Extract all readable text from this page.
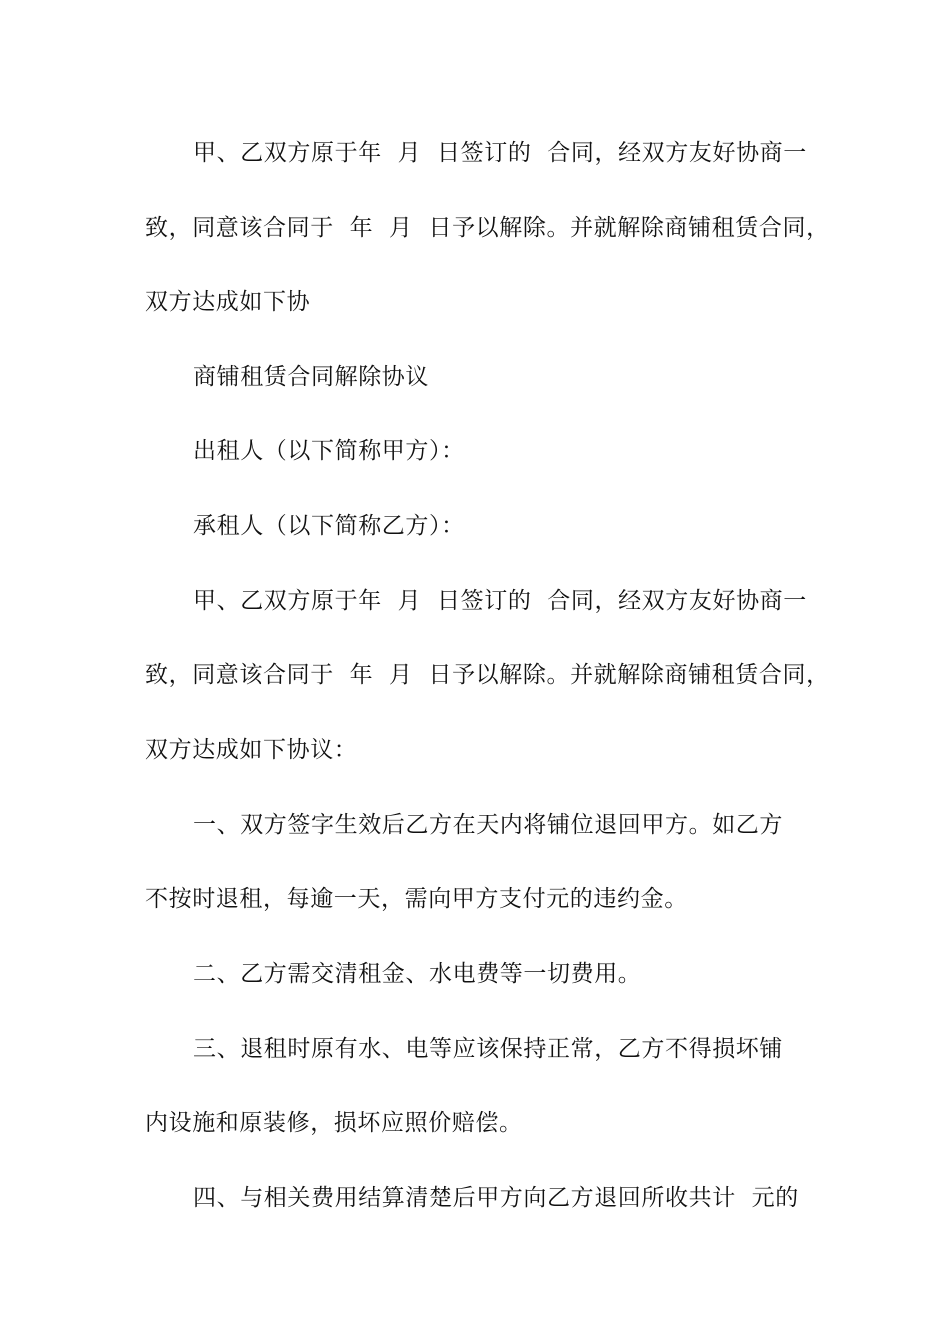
甲、乙双方原于年  月  日签订的  合同，经双方友好协商一
致，同意该合同于  年  月  日予以解除。并就解除商铺租赁合同，
双方达成如下协
商铺租赁合同解除协议
出租人（以下简称甲方）：
承租人（以下简称乙方）：
甲、乙双方原于年  月  日签订的  合同，经双方友好协商一
致，同意该合同于  年  月  日予以解除。并就解除商铺租赁合同，
双方达成如下协议：
一、双方签字生效后乙方在天内将铺位退回甲方。如乙方
不按时退租，每逾一天，需向甲方支付元的违约金。
二、乙方需交清租金、水电费等一切费用。
三、退租时原有水、电等应该保持正常，乙方不得损坏铺
内设施和原装修，损坏应照价赔偿。
四、与相关费用结算清楚后甲方向乙方退回所收共计  元的
